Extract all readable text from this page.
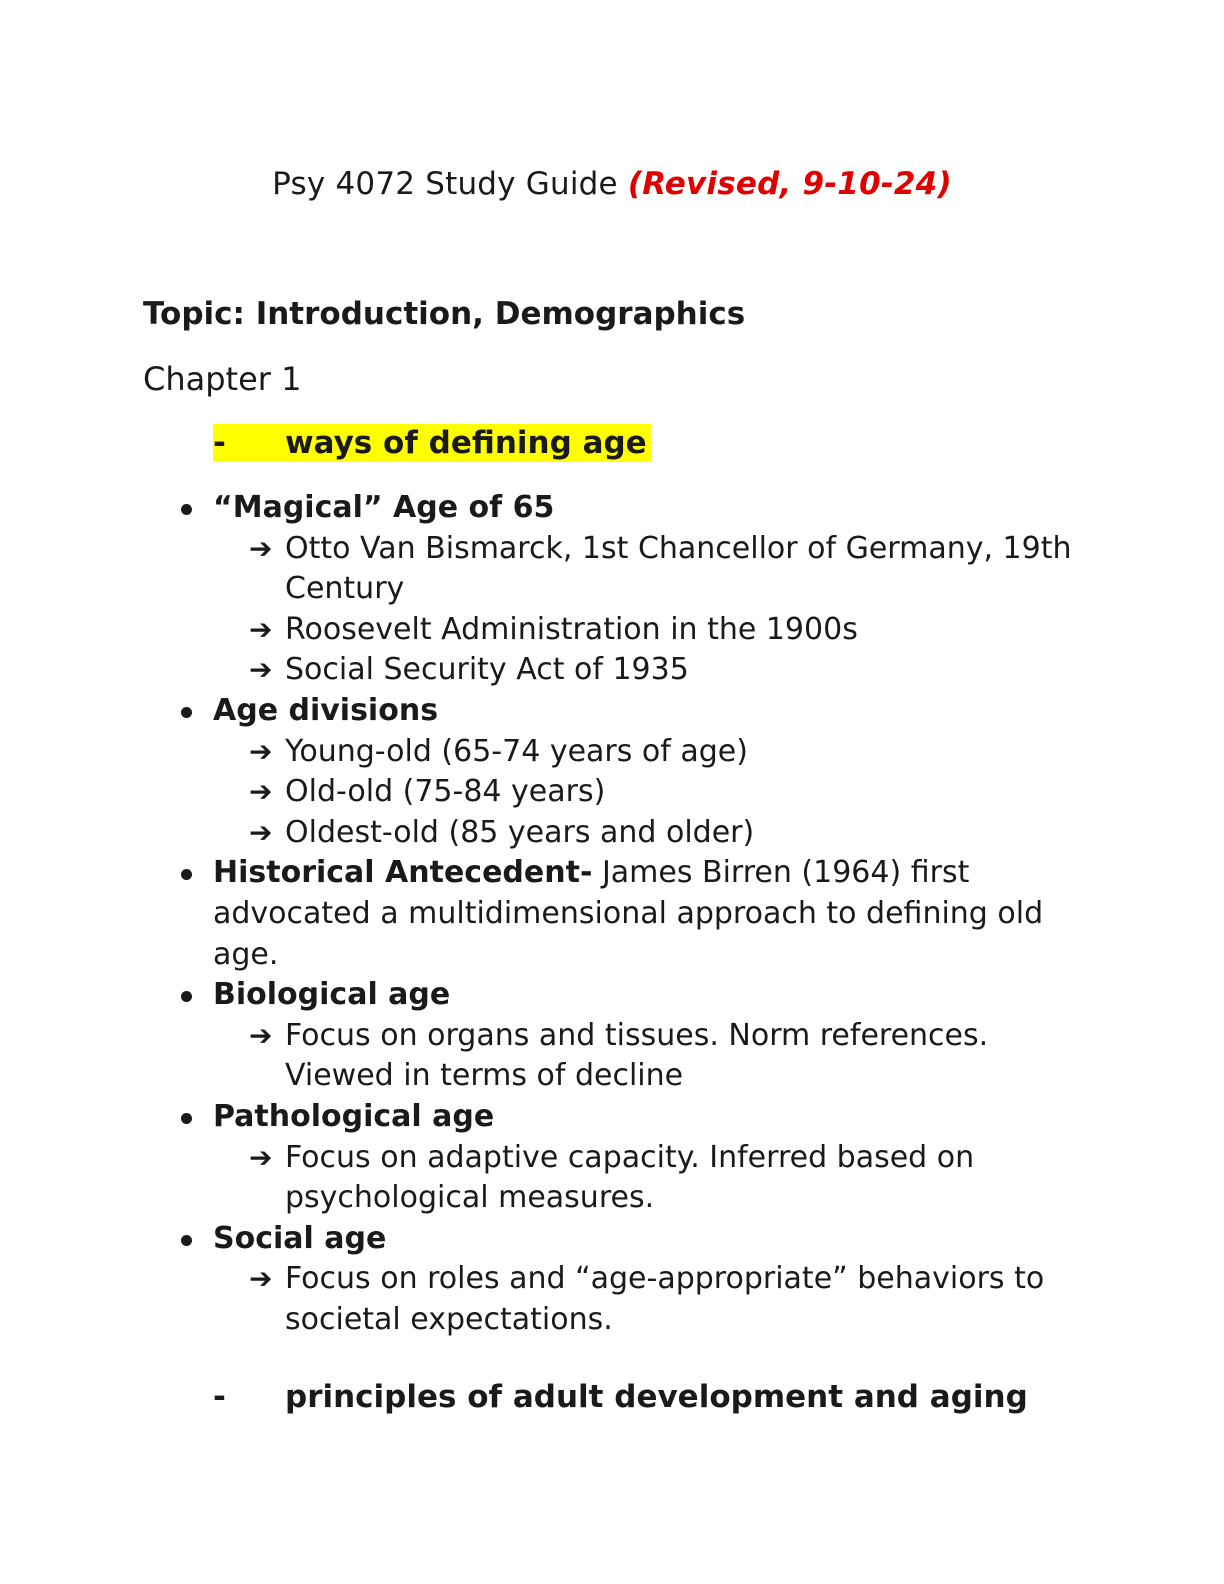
Psy 4072 Study Guide (Revised, 9-10-24)
Topic: Introduction, Demographics
Chapter 1
- ways of defining age
“Magical” Age of 65
➔ Otto Van Bismarck, 1st Chancellor of Germany, 19th Century
➔ Roosevelt Administration in the 1900s
➔ Social Security Act of 1935
Age divisions
➔ Young-old (65-74 years of age)
➔ Old-old (75-84 years)
➔ Oldest-old (85 years and older)
Historical Antecedent- James Birren (1964) first advocated a multidimensional approach to defining old age.
Biological age
➔ Focus on organs and tissues. Norm references. Viewed in terms of decline
Pathological age
➔ Focus on adaptive capacity. Inferred based on psychological measures.
Social age
➔ Focus on roles and “age-appropriate” behaviors to societal expectations.
- principles of adult development and aging
